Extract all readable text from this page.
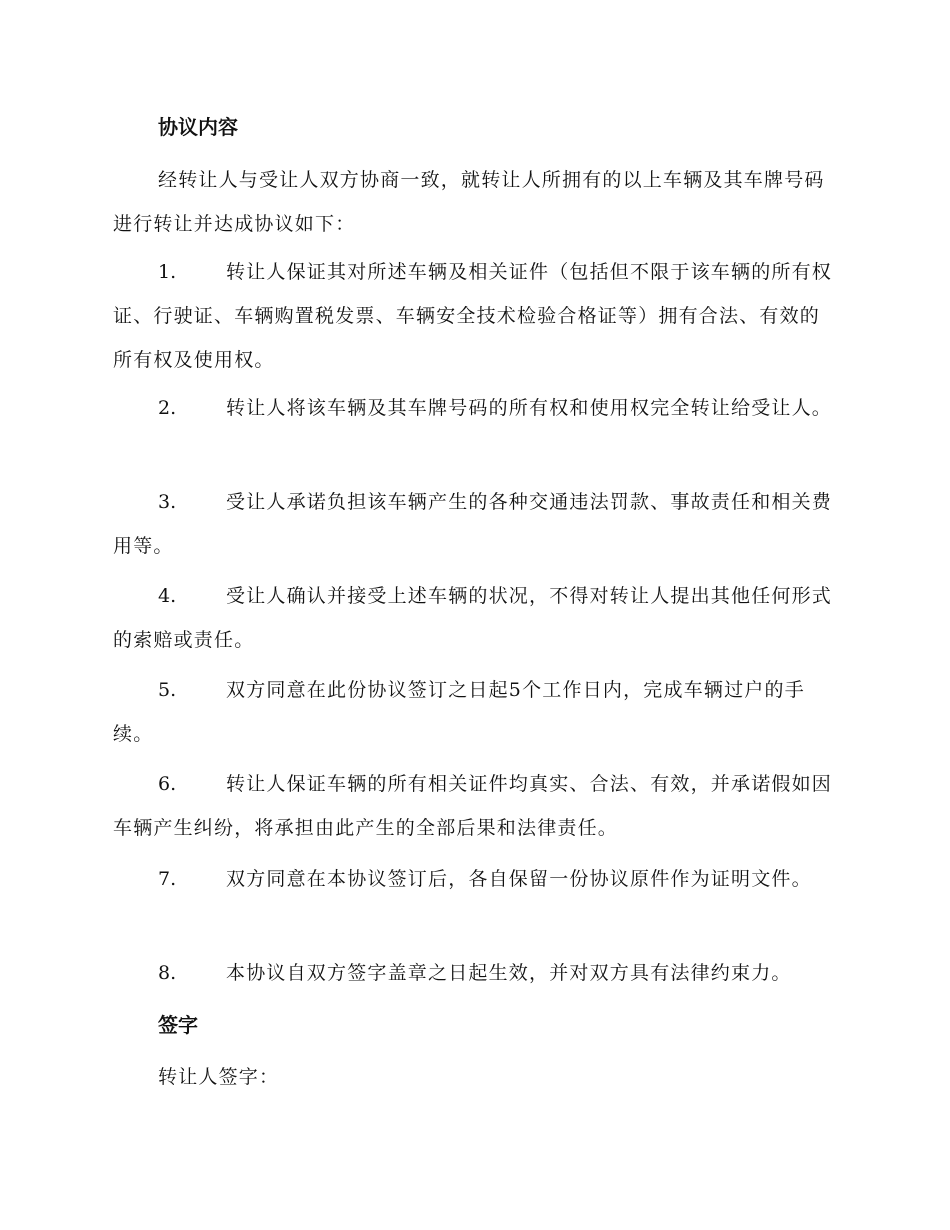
协议内容
经转让人与受让人双方协商一致，就转让人所拥有的以上车辆及其车牌号码进行转让并达成协议如下：
1.	转让人保证其对所述车辆及相关证件（包括但不限于该车辆的所有权证、行驶证、车辆购置税发票、车辆安全技术检验合格证等）拥有合法、有效的所有权及使用权。
2.	转让人将该车辆及其车牌号码的所有权和使用权完全转让给受让人。
3.	受让人承诺负担该车辆产生的各种交通违法罚款、事故责任和相关费用等。
4.	受让人确认并接受上述车辆的状况，不得对转让人提出其他任何形式的索赔或责任。
5.	双方同意在此份协议签订之日起5个工作日内，完成车辆过户的手续。
6.	转让人保证车辆的所有相关证件均真实、合法、有效，并承诺假如因车辆产生纠纷，将承担由此产生的全部后果和法律责任。
7.	双方同意在本协议签订后，各自保留一份协议原件作为证明文件。
8.	本协议自双方签字盖章之日起生效，并对双方具有法律约束力。
签字
转让人签字：
